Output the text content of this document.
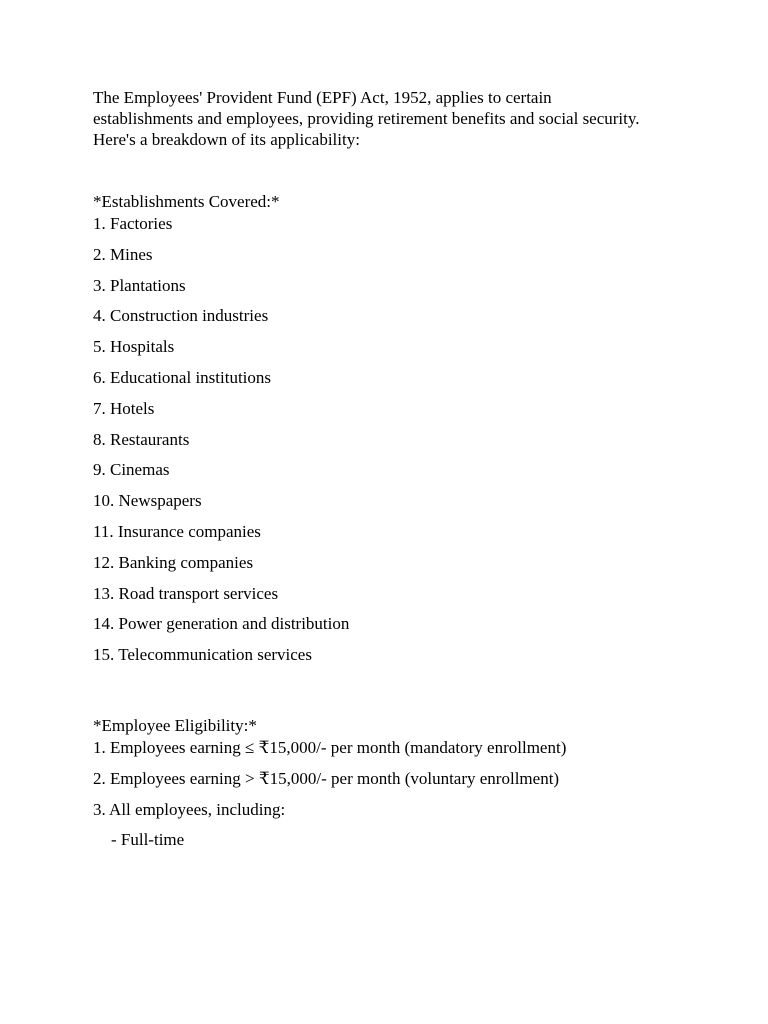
The Employees' Provident Fund (EPF) Act, 1952, applies to certain
establishments and employees, providing retirement benefits and social security.
Here's a breakdown of its applicability:

*Establishments Covered:*

1. Factories
2. Mines
3. Plantations
4. Construction industries
5. Hospitals
6. Educational institutions
7. Hotels
8. Restaurants
9. Cinemas
10. Newspapers
11. Insurance companies
12. Banking companies
13. Road transport services
14. Power generation and distribution
15. Telecommunication services

*Employee Eligibility:*

1. Employees earning ≤ ₹15,000/- per month (mandatory enrollment)
2. Employees earning > ₹15,000/- per month (voluntary enrollment)
3. All employees, including:
- Full-time
